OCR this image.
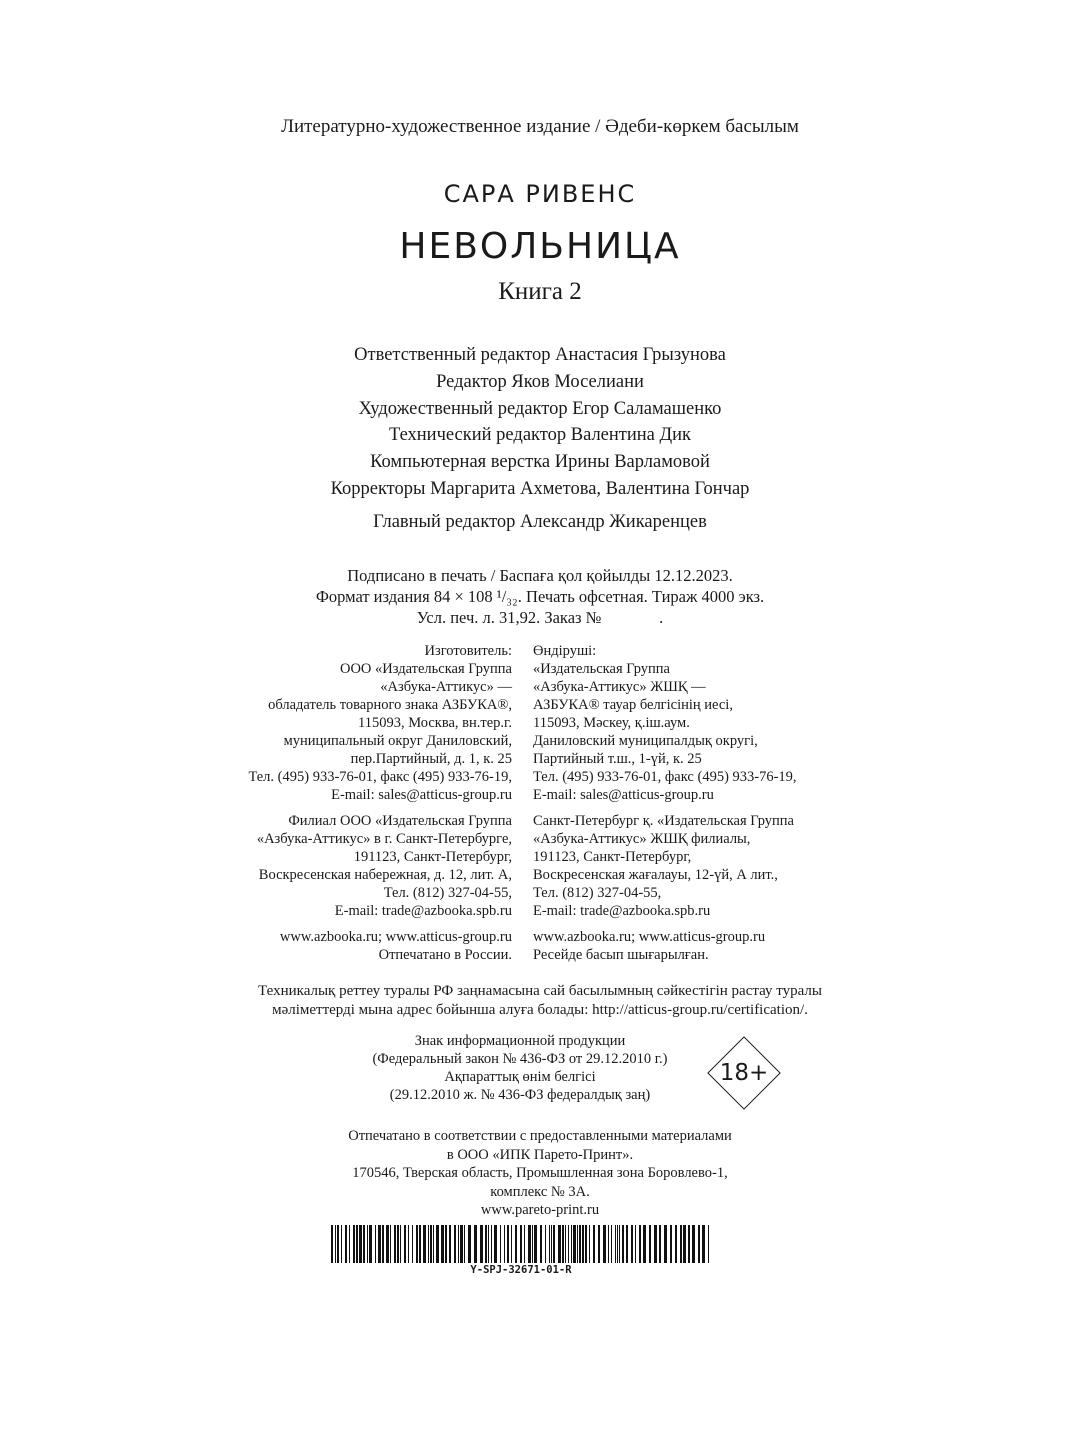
Литературно-художественное издание / Әдеби-көркем басылым
САРА РИВЕНС
НЕВОЛЬНИЦА
Книга 2
Ответственный редактор Анастасия Грызунова
Редактор Яков Моселиани
Художественный редактор Егор Саламашенко
Технический редактор Валентина Дик
Компьютерная верстка Ирины Варламовой
Корректоры Маргарита Ахметова, Валентина Гончар
Главный редактор Александр Жикаренцев
Подписано в печать / Баспаға қол қойылды 12.12.2023.
Формат издания 84 × 108 ¹/₃₂. Печать офсетная. Тираж 4000 экз.
Усл. печ. л. 31,92. Заказ №              .
Изготовитель:
ООО «Издательская Группа
«Азбука-Аттикус» —
обладатель товарного знака АЗБУКА®,
115093, Москва, вн.тер.г.
муниципальный округ Даниловский,
пер.Партийный, д. 1, к. 25
Тел. (495) 933-76-01, факс (495) 933-76-19,
E-mail: sales@atticus-group.ru
Филиал ООО «Издательская Группа
«Азбука-Аттикус» в г. Санкт-Петербурге,
191123, Санкт-Петербург,
Воскресенская набережная, д. 12, лит. А,
Тел. (812) 327-04-55,
E-mail: trade@azbooka.spb.ru
www.azbooka.ru; www.atticus-group.ru
Отпечатано в России.
Өндіруші:
«Издательская Группа
«Азбука-Аттикус» ЖШҚ —
АЗБУКА® тауар белгісінің иесі,
115093, Мәскеу, қ.іш.аум.
Даниловский муниципалдық округі,
Партийный т.ш., 1-үй, к. 25
Тел. (495) 933-76-01, факс (495) 933-76-19,
E-mail: sales@atticus-group.ru
Санкт-Петербург қ. «Издательская Группа
«Азбука-Аттикус» ЖШҚ филиалы,
191123, Санкт-Петербург,
Воскресенская жағалауы, 12-үй, А лит.,
Тел. (812) 327-04-55,
E-mail: trade@azbooka.spb.ru
www.azbooka.ru; www.atticus-group.ru
Ресейде басып шығарылған.
Техникалық реттеу туралы РФ заңнамасына сай басылымның сәйкестігін растау туралы
мәліметтерді мына адрес бойынша алуға болады: http://atticus-group.ru/certification/.
Знак информационной продукции
(Федеральный закон № 436-ФЗ от 29.12.2010 г.)
Ақпараттық өнім белгісі
(29.12.2010 ж. № 436-ФЗ федералдық заң)
18+
Отпечатано в соответствии с предоставленными материалами
в ООО «ИПК Парето-Принт».
170546, Тверская область, Промышленная зона Боровлево-1,
комплекс № 3А.
www.pareto-print.ru
Y-SPJ-32671-01-R
